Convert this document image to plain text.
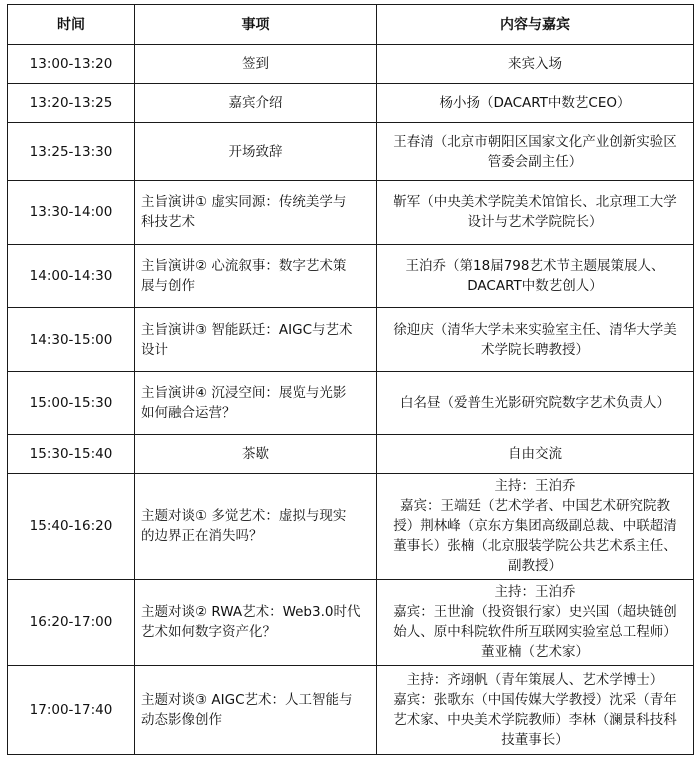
时间	事项	内容与嘉宾
13:00-13:20	签到	来宾入场

13:20-13:25	嘉宾介绍	杨小扬（DACART中数艺CEO）

13:25-13:30	开场致辞	王春清（北京市朝阳区国家文化产业创新实验区
管委会副主任）

13:30-14:00	主旨演讲① 虚实同源：传统美学与
科技艺术	靳军（中央美术学院美术馆馆长、北京理工大学
设计与艺术学院院长）

14:00-14:30	主旨演讲② 心流叙事：数字艺术策
展与创作	王泊乔（第18届798艺术节主题展策展人、
DACART中数艺创人）

14:30-15:00	主旨演讲③ 智能跃迁：AIGC与艺术
设计	徐迎庆（清华大学未来实验室主任、清华大学美
术学院长聘教授）

15:00-15:30	主旨演讲④ 沉浸空间：展览与光影
如何融合运营？	白名昼（爱普生光影研究院数字艺术负责人）

15:30-15:40	茶歇	自由交流

15:40-16:20	主题对谈① 多觉艺术：虚拟与现实
的边界正在消失吗？	主持：王泊乔
嘉宾：王端廷（艺术学者、中国艺术研究院教
授）荆林峰（京东方集团高级副总裁、中联超清
董事长）张楠（北京服装学院公共艺术系主任、
副教授）

16:20-17:00	主题对谈② RWA艺术：Web3.0时代
艺术如何数字资产化？	主持：王泊乔
嘉宾：王世渝（投资银行家）史兴国（超块链创
始人、原中科院软件所互联网实验室总工程师）
董亚楠（艺术家）

17:00-17:40	主题对谈③ AIGC艺术：人工智能与
动态影像创作	主持：齐翊帆（青年策展人、艺术学博士）
嘉宾：张歌东（中国传媒大学教授）沈采（青年
艺术家、中央美术学院教师）李林（澜景科技科
技董事长）
